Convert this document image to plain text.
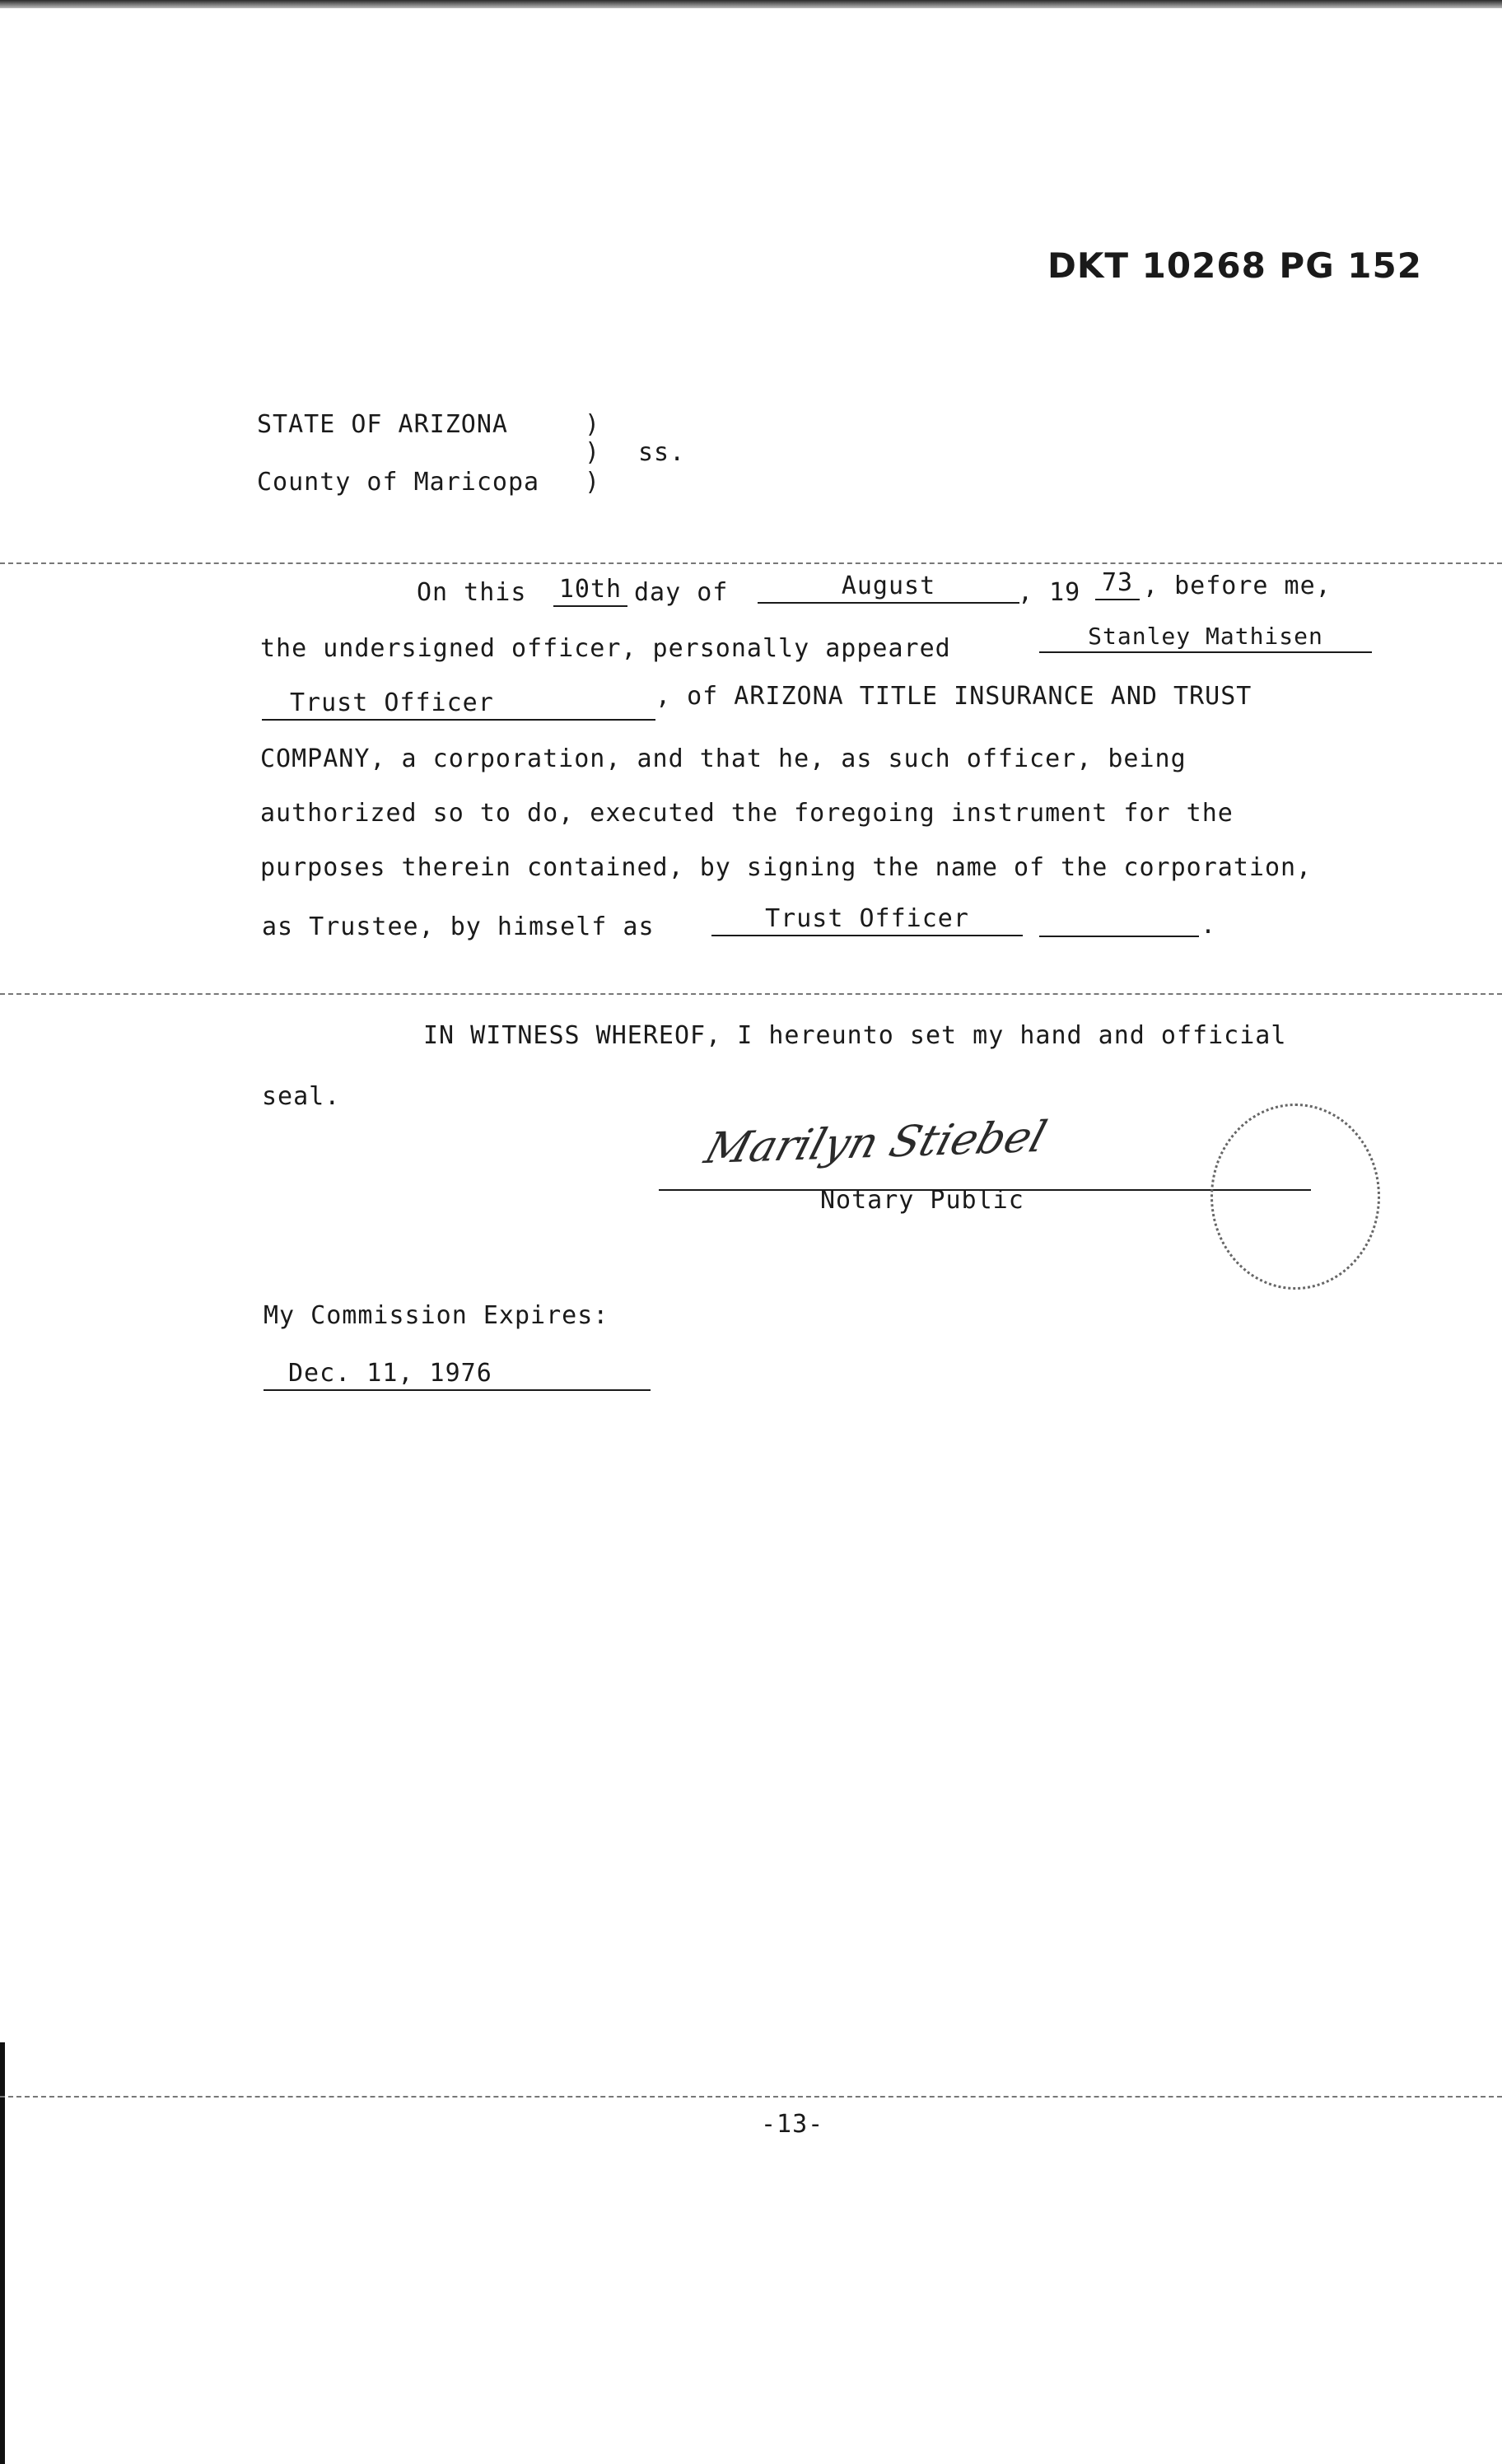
DKT 10268 PG 152
STATE OF ARIZONA	)
) ss.
County of Maricopa )
On this 10th day of	August	, 19 73 , before me,
the undersigned officer, personally appeared	Stanley Mathisen
Trust Officer	, of ARIZONA TITLE INSURANCE AND TRUST
COMPANY, a corporation, and that he, as such officer, being
authorized so to do, executed the foregoing instrument for the
purposes therein contained, by signing the name of the corporation,
as Trustee, by himself as	Trust Officer	.
IN WITNESS WHEREOF, I hereunto set my hand and official
seal.
Marilyn Stiebel
Notary Public
My Commission Expires:
Dec. 11, 1976
-13-
